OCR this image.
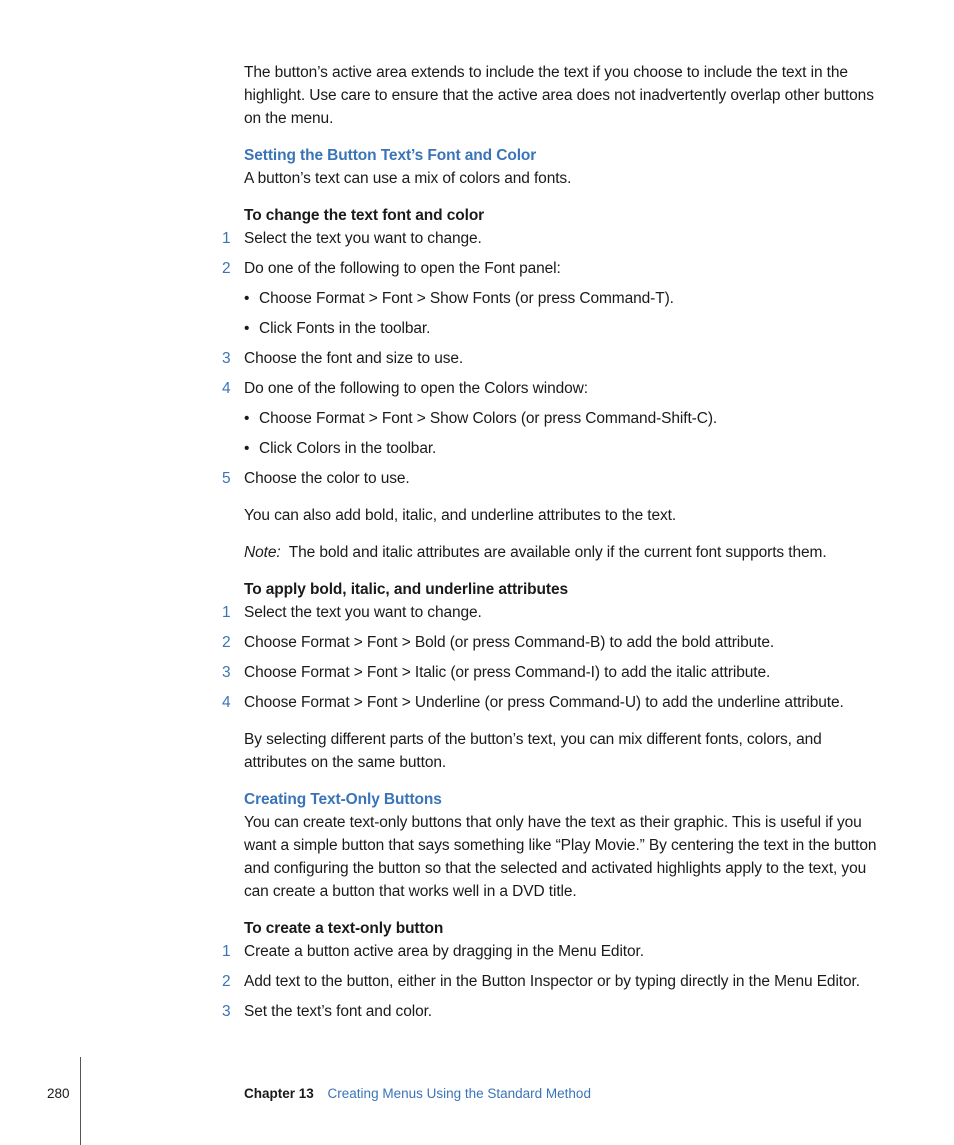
The button’s active area extends to include the text if you choose to include the text in the highlight. Use care to ensure that the active area does not inadvertently overlap other buttons on the menu.

Setting the Button Text’s Font and Color

A button’s text can use a mix of colors and fonts.

To change the text font and color

1 Select the text you want to change.
2 Do one of the following to open the Font panel:
• Choose Format > Font > Show Fonts (or press Command-T).
• Click Fonts in the toolbar.
3 Choose the font and size to use.
4 Do one of the following to open the Colors window:
• Choose Format > Font > Show Colors (or press Command-Shift-C).
• Click Colors in the toolbar.
5 Choose the color to use.

You can also add bold, italic, and underline attributes to the text.

Note: The bold and italic attributes are available only if the current font supports them.

To apply bold, italic, and underline attributes

1 Select the text you want to change.
2 Choose Format > Font > Bold (or press Command-B) to add the bold attribute.
3 Choose Format > Font > Italic (or press Command-I) to add the italic attribute.
4 Choose Format > Font > Underline (or press Command-U) to add the underline attribute.

By selecting different parts of the button’s text, you can mix different fonts, colors, and attributes on the same button.

Creating Text-Only Buttons

You can create text-only buttons that only have the text as their graphic. This is useful if you want a simple button that says something like “Play Movie.” By centering the text in the button and configuring the button so that the selected and activated highlights apply to the text, you can create a button that works well in a DVD title.

To create a text-only button

1 Create a button active area by dragging in the Menu Editor.
2 Add text to the button, either in the Button Inspector or by typing directly in the Menu Editor.
3 Set the text’s font and color.
280	Chapter 13 Creating Menus Using the Standard Method
